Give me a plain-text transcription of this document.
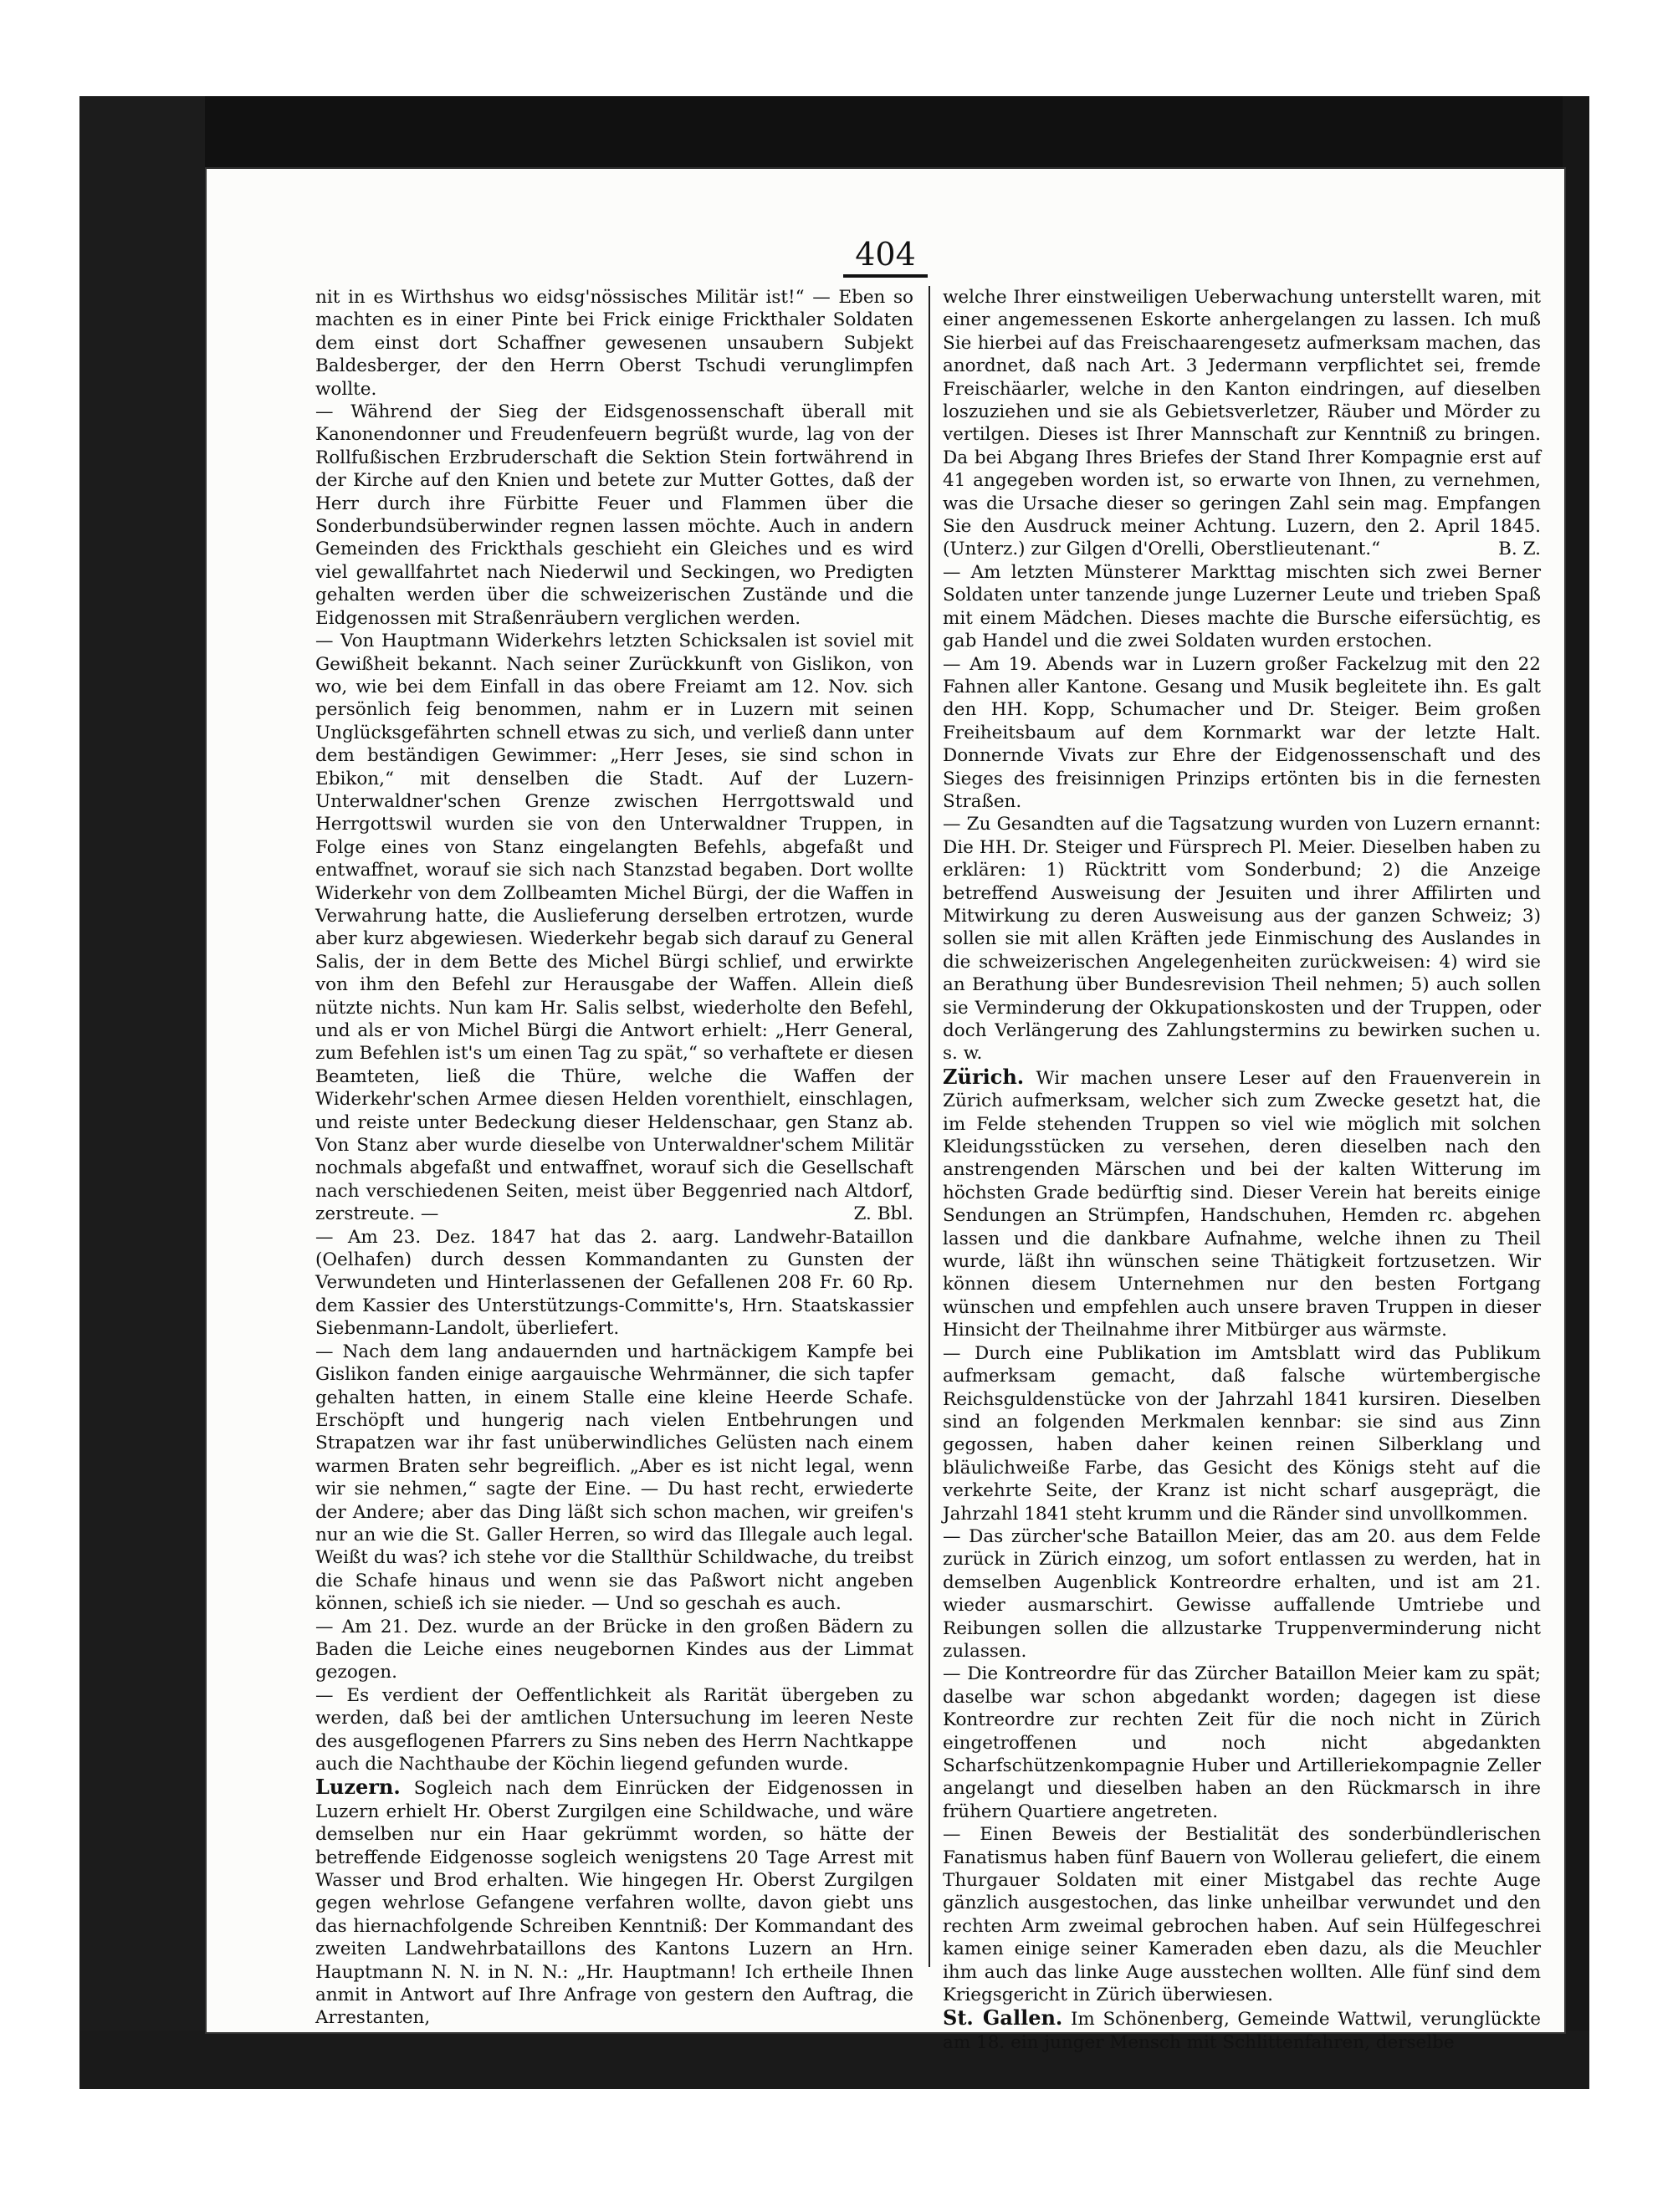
404

nit in es Wirthshus wo eidsg'nössisches Militär ist!“ — Eben so machten es in einer Pinte bei Frick einige Frickthaler Soldaten dem einst dort Schaffner gewesenen unsaubern Subjekt Baldesberger, der den Herrn Oberst Tschudi verunglimpfen wollte.

— Während der Sieg der Eidsgenossenschaft überall mit Kanonendonner und Freudenfeuern begrüßt wurde, lag von der Rollfußischen Erzbruderschaft die Sektion Stein fortwährend in der Kirche auf den Knien und betete zur Mutter Gottes, daß der Herr durch ihre Fürbitte Feuer und Flammen über die Sonderbundsüberwinder regnen lassen möchte. Auch in andern Gemeinden des Frickthals geschieht ein Gleiches und es wird viel gewallfahrtet nach Niederwil und Seckingen, wo Predigten gehalten werden über die schweizerischen Zustände und die Eidgenossen mit Straßenräubern verglichen werden.

— Von Hauptmann Widerkehrs letzten Schicksalen ist soviel mit Gewißheit bekannt. Nach seiner Zurückkunft von Gislikon, von wo, wie bei dem Einfall in das obere Freiamt am 12. Nov. sich persönlich feig benommen, nahm er in Luzern mit seinen Unglücksgefährten schnell etwas zu sich, und verließ dann unter dem beständigen Gewimmer: „Herr Jeses, sie sind schon in Ebikon,“ mit denselben die Stadt. Auf der Luzern-Unterwaldner'schen Grenze zwischen Herrgottswald und Herrgottswil wurden sie von den Unterwaldner Truppen, in Folge eines von Stanz eingelangten Befehls, abgefaßt und entwaffnet, worauf sie sich nach Stanzstad begaben. Dort wollte Widerkehr von dem Zollbeamten Michel Bürgi, der die Waffen in Verwahrung hatte, die Auslieferung derselben ertrotzen, wurde aber kurz abgewiesen. Wiederkehr begab sich darauf zu General Salis, der in dem Bette des Michel Bürgi schlief, und erwirkte von ihm den Befehl zur Herausgabe der Waffen. Allein dieß nützte nichts. Nun kam Hr. Salis selbst, wiederholte den Befehl, und als er von Michel Bürgi die Antwort erhielt: „Herr General, zum Befehlen ist's um einen Tag zu spät,“ so verhaftete er diesen Beamteten, ließ die Thüre, welche die Waffen der Widerkehr'schen Armee diesen Helden vorenthielt, einschlagen, und reiste unter Bedeckung dieser Heldenschaar, gen Stanz ab. Von Stanz aber wurde dieselbe von Unterwaldner'schem Militär nochmals abgefaßt und entwaffnet, worauf sich die Gesellschaft nach verschiedenen Seiten, meist über Beggenried nach Altdorf, zerstreute. —	Z. Bbl.

— Am 23. Dez. 1847 hat das 2. aarg. Landwehr-Bataillon (Oelhafen) durch dessen Kommandanten zu Gunsten der Verwundeten und Hinterlassenen der Gefallenen 208 Fr. 60 Rp. dem Kassier des Unterstützungs-Committe's, Hrn. Staatskassier Siebenmann-Landolt, überliefert.

— Nach dem lang andauernden und hartnäckigem Kampfe bei Gislikon fanden einige aargauische Wehrmänner, die sich tapfer gehalten hatten, in einem Stalle eine kleine Heerde Schafe. Erschöpft und hungerig nach vielen Entbehrungen und Strapatzen war ihr fast unüberwindliches Gelüsten nach einem warmen Braten sehr begreiflich. „Aber es ist nicht legal, wenn wir sie nehmen,“ sagte der Eine. — Du hast recht, erwiederte der Andere; aber das Ding läßt sich schon machen, wir greifen's nur an wie die St. Galler Herren, so wird das Illegale auch legal. Weißt du was? ich stehe vor die Stallthür Schildwache, du treibst die Schafe hinaus und wenn sie das Paßwort nicht angeben können, schieß ich sie nieder. — Und so geschah es auch.

— Am 21. Dez. wurde an der Brücke in den großen Bädern zu Baden die Leiche eines neugebornen Kindes aus der Limmat gezogen.

— Es verdient der Oeffentlichkeit als Rarität übergeben zu werden, daß bei der amtlichen Untersuchung im leeren Neste des ausgeflogenen Pfarrers zu Sins neben des Herrn Nachtkappe auch die Nachthaube der Köchin liegend gefunden wurde.

Luzern. Sogleich nach dem Einrücken der Eidgenossen in Luzern erhielt Hr. Oberst Zurgilgen eine Schildwache, und wäre demselben nur ein Haar gekrümmt worden, so hätte der betreffende Eidgenosse sogleich wenigstens 20 Tage Arrest mit Wasser und Brod erhalten. Wie hingegen Hr. Oberst Zurgilgen gegen wehrlose Gefangene verfahren wollte, davon giebt uns das hiernachfolgende Schreiben Kenntniß: Der Kommandant des zweiten Landwehrbataillons des Kantons Luzern an Hrn. Hauptmann N. N. in N. N.: „Hr. Hauptmann! Ich ertheile Ihnen anmit in Antwort auf Ihre Anfrage von gestern den Auftrag, die Arrestanten,

welche Ihrer einstweiligen Ueberwachung unterstellt waren, mit einer angemessenen Eskorte anhergelangen zu lassen. Ich muß Sie hierbei auf das Freischaarengesetz aufmerksam machen, das anordnet, daß nach Art. 3 Jedermann verpflichtet sei, fremde Freischäarler, welche in den Kanton eindringen, auf dieselben loszuziehen und sie als Gebietsverletzer, Räuber und Mörder zu vertilgen. Dieses ist Ihrer Mannschaft zur Kenntniß zu bringen. Da bei Abgang Ihres Briefes der Stand Ihrer Kompagnie erst auf 41 angegeben worden ist, so erwarte von Ihnen, zu vernehmen, was die Ursache dieser so geringen Zahl sein mag. Empfangen Sie den Ausdruck meiner Achtung. Luzern, den 2. April 1845. (Unterz.) zur Gilgen d'Orelli, Oberstlieutenant.“	B. Z.

— Am letzten Münsterer Markttag mischten sich zwei Berner Soldaten unter tanzende junge Luzerner Leute und trieben Spaß mit einem Mädchen. Dieses machte die Bursche eifersüchtig, es gab Handel und die zwei Soldaten wurden erstochen.

— Am 19. Abends war in Luzern großer Fackelzug mit den 22 Fahnen aller Kantone. Gesang und Musik begleitete ihn. Es galt den HH. Kopp, Schumacher und Dr. Steiger. Beim großen Freiheitsbaum auf dem Kornmarkt war der letzte Halt. Donnernde Vivats zur Ehre der Eidgenossenschaft und des Sieges des freisinnigen Prinzips ertönten bis in die fernesten Straßen.

— Zu Gesandten auf die Tagsatzung wurden von Luzern ernannt: Die HH. Dr. Steiger und Fürsprech Pl. Meier. Dieselben haben zu erklären: 1) Rücktritt vom Sonderbund; 2) die Anzeige betreffend Ausweisung der Jesuiten und ihrer Affilirten und Mitwirkung zu deren Ausweisung aus der ganzen Schweiz; 3) sollen sie mit allen Kräften jede Einmischung des Auslandes in die schweizerischen Angelegenheiten zurückweisen: 4) wird sie an Berathung über Bundesrevision Theil nehmen; 5) auch sollen sie Verminderung der Okkupationskosten und der Truppen, oder doch Verlängerung des Zahlungstermins zu bewirken suchen u. s. w.

Zürich. Wir machen unsere Leser auf den Frauenverein in Zürich aufmerksam, welcher sich zum Zwecke gesetzt hat, die im Felde stehenden Truppen so viel wie möglich mit solchen Kleidungsstücken zu versehen, deren dieselben nach den anstrengenden Märschen und bei der kalten Witterung im höchsten Grade bedürftig sind. Dieser Verein hat bereits einige Sendungen an Strümpfen, Handschuhen, Hemden rc. abgehen lassen und die dankbare Aufnahme, welche ihnen zu Theil wurde, läßt ihn wünschen seine Thätigkeit fortzusetzen. Wir können diesem Unternehmen nur den besten Fortgang wünschen und empfehlen auch unsere braven Truppen in dieser Hinsicht der Theilnahme ihrer Mitbürger aus wärmste.

— Durch eine Publikation im Amtsblatt wird das Publikum aufmerksam gemacht, daß falsche würtembergische Reichsguldenstücke von der Jahrzahl 1841 kursiren. Dieselben sind an folgenden Merkmalen kennbar: sie sind aus Zinn gegossen, haben daher keinen reinen Silberklang und bläulichweiße Farbe, das Gesicht des Königs steht auf die verkehrte Seite, der Kranz ist nicht scharf ausgeprägt, die Jahrzahl 1841 steht krumm und die Ränder sind unvollkommen.

— Das zürcher'sche Bataillon Meier, das am 20. aus dem Felde zurück in Zürich einzog, um sofort entlassen zu werden, hat in demselben Augenblick Kontreordre erhalten, und ist am 21. wieder ausmarschirt. Gewisse auffallende Umtriebe und Reibungen sollen die allzustarke Truppenverminderung nicht zulassen.

— Die Kontreordre für das Zürcher Bataillon Meier kam zu spät; daselbe war schon abgedankt worden; dagegen ist diese Kontreordre zur rechten Zeit für die noch nicht in Zürich eingetroffenen und noch nicht abgedankten Scharfschützenkompagnie Huber und Artilleriekompagnie Zeller angelangt und dieselben haben an den Rückmarsch in ihre frühern Quartiere angetreten.

— Einen Beweis der Bestialität des sonderbündlerischen Fanatismus haben fünf Bauern von Wollerau geliefert, die einem Thurgauer Soldaten mit einer Mistgabel das rechte Auge gänzlich ausgestochen, das linke unheilbar verwundet und den rechten Arm zweimal gebrochen haben. Auf sein Hülfegeschrei kamen einige seiner Kameraden eben dazu, als die Meuchler ihm auch das linke Auge ausstechen wollten. Alle fünf sind dem Kriegsgericht in Zürich überwiesen.

St. Gallen. Im Schönenberg, Gemeinde Wattwil, verunglückte am 18. ein junger Mensch mit Schlittenfahren, derselbe
